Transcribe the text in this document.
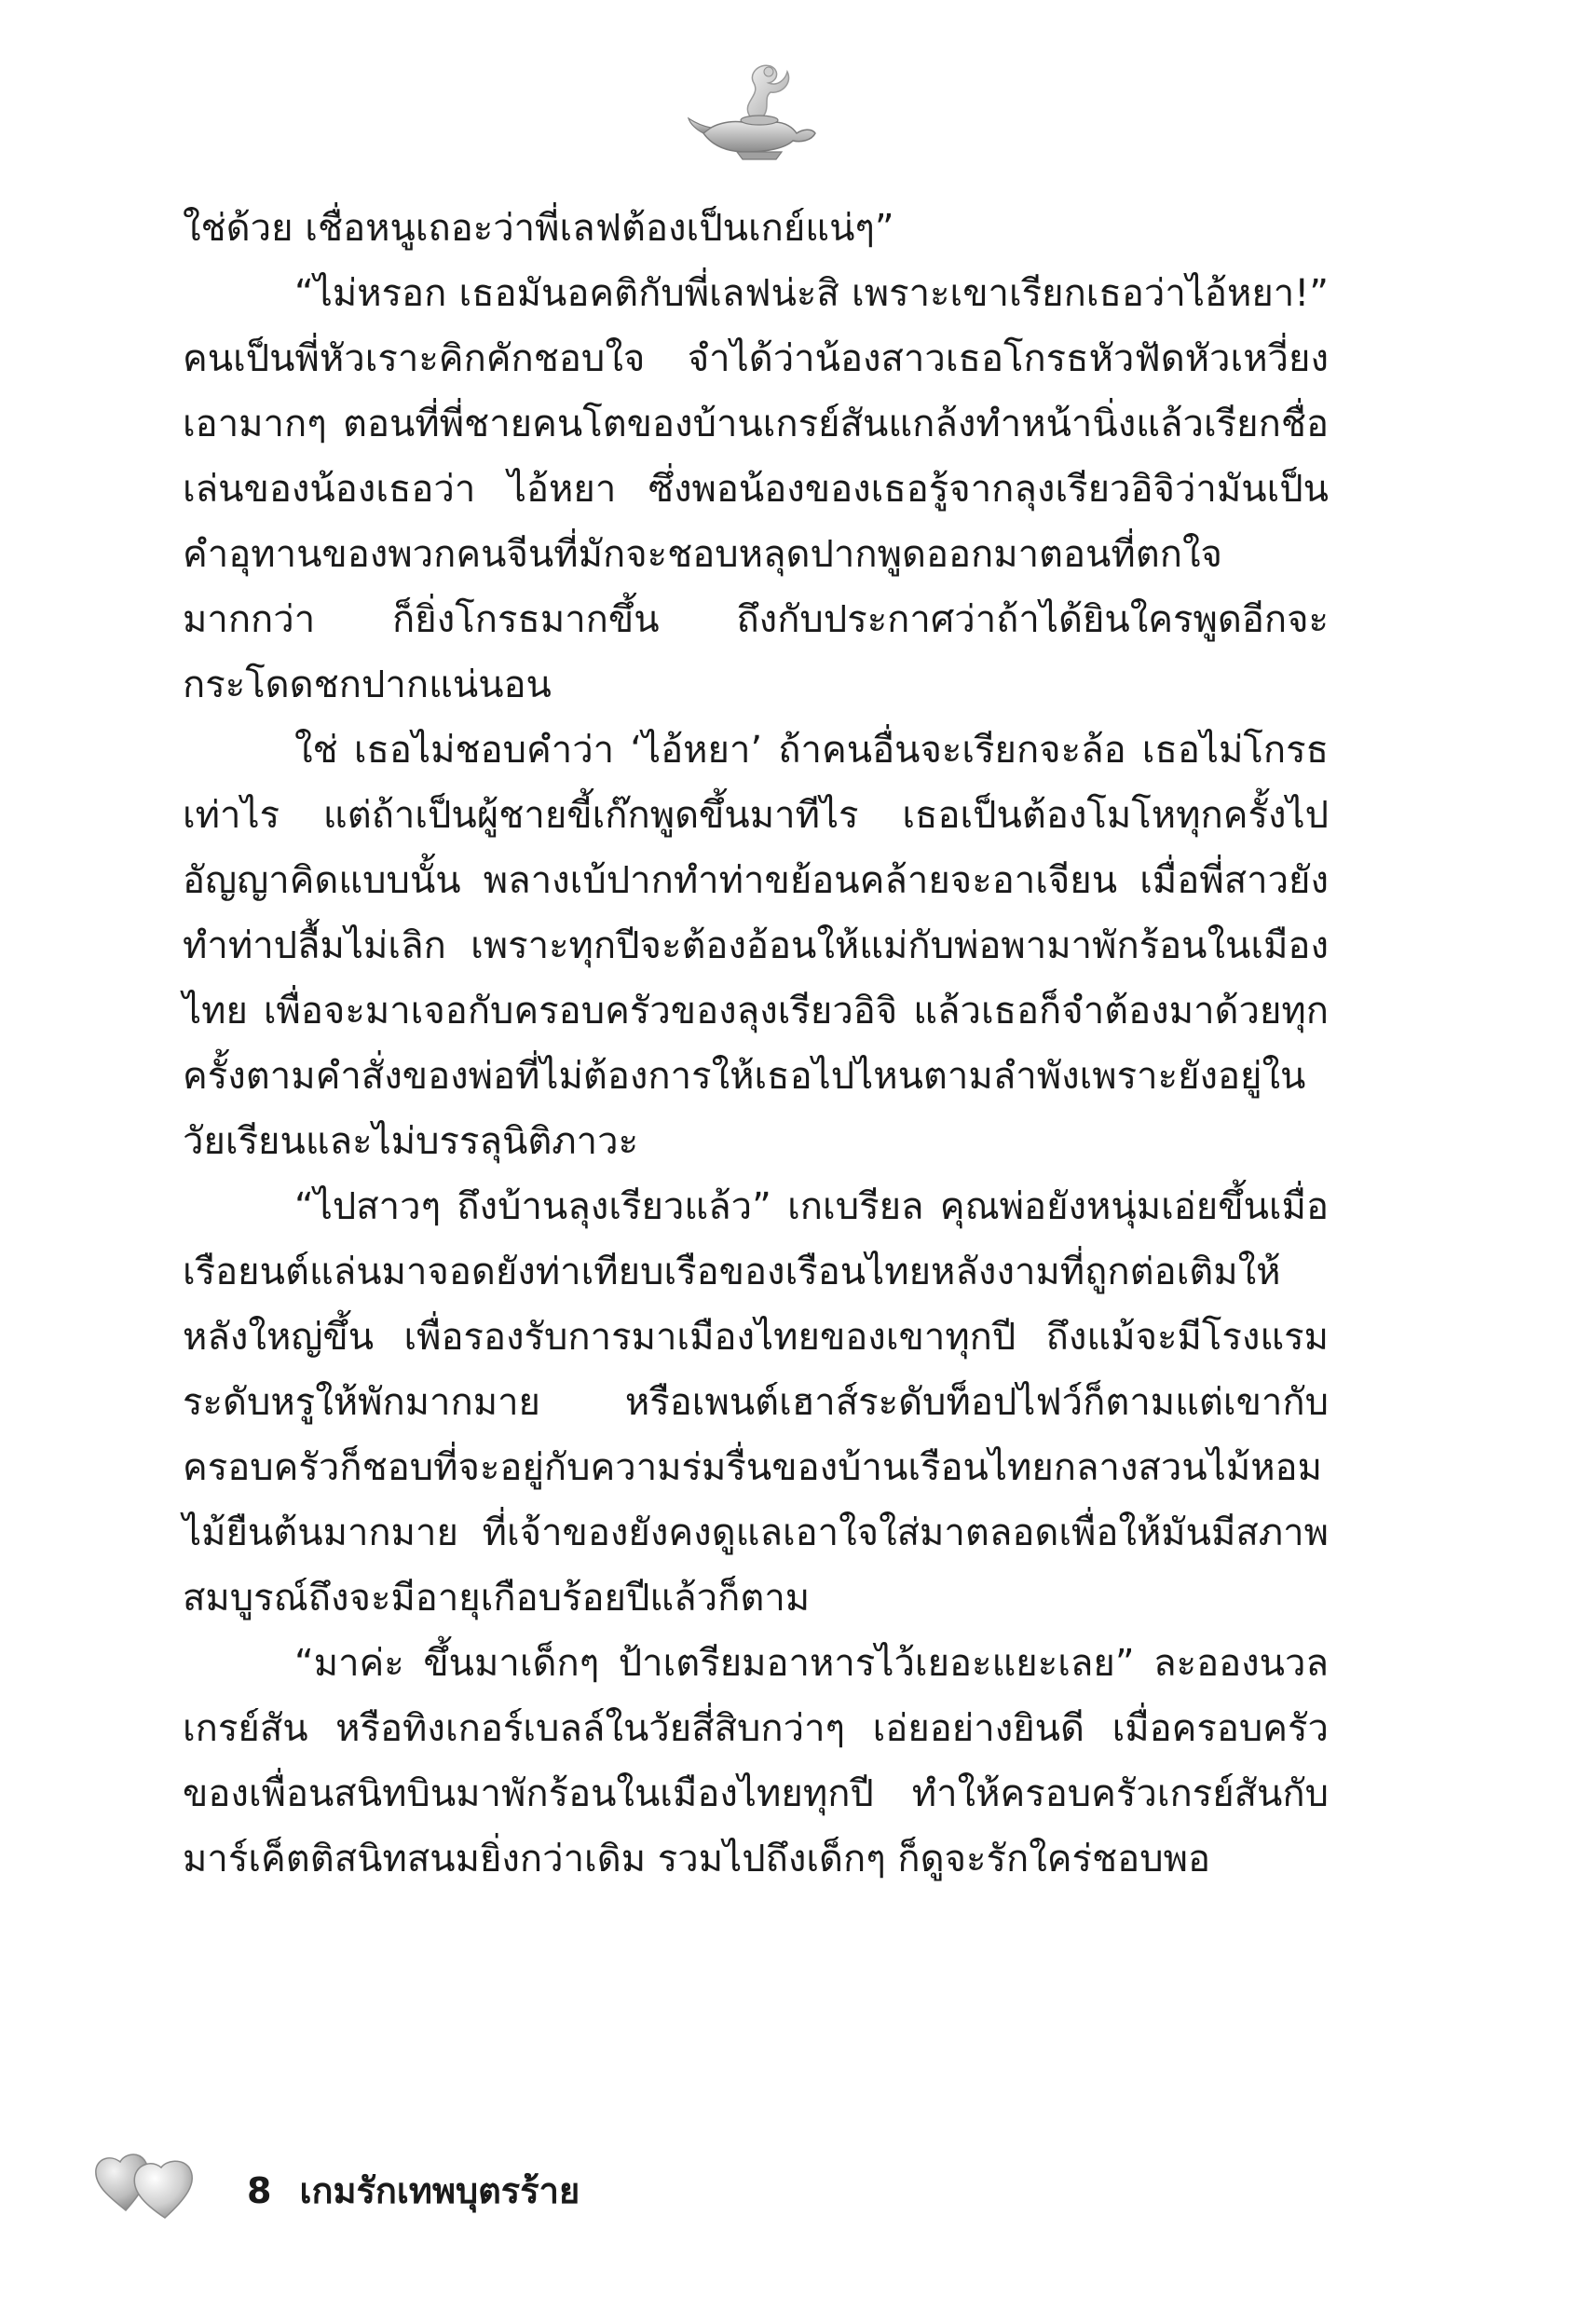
ใช่ด้วย เชื่อหนูเถอะว่าพี่เลฟต้องเป็นเกย์แน่ๆ”

“ไม่หรอก เธอมันอคติกับพี่เลฟน่ะสิ เพราะเขาเรียกเธอว่าไอ้หยา!” คนเป็นพี่หัวเราะคิกคักชอบใจ จำได้ว่าน้องสาวเธอโกรธหัวฟัดหัวเหวี่ยงเอามากๆ ตอนที่พี่ชายคนโตของบ้านเกรย์สันแกล้งทำหน้านิ่งแล้วเรียกชื่อเล่นของน้องเธอว่า ไอ้หยา ซึ่งพอน้องของเธอรู้จากลุงเรียวอิจิว่ามันเป็นคำอุทานของพวกคนจีนที่มักจะชอบหลุดปากพูดออกมาตอนที่ตกใจมากกว่า ก็ยิ่งโกรธมากขึ้น ถึงกับประกาศว่าถ้าได้ยินใครพูดอีกจะกระโดดชกปากแน่นอน

ใช่ เธอไม่ชอบคำว่า ‘ไอ้หยา’ ถ้าคนอื่นจะเรียกจะล้อ เธอไม่โกรธเท่าไร แต่ถ้าเป็นผู้ชายขี้เก๊กพูดขึ้นมาทีไร เธอเป็นต้องโมโหทุกครั้งไป อัญญาคิดแบบนั้น พลางเบ้ปากทำท่าขย้อนคล้ายจะอาเจียน เมื่อพี่สาวยังทำท่าปลื้มไม่เลิก เพราะทุกปีจะต้องอ้อนให้แม่กับพ่อพามาพักร้อนในเมืองไทย เพื่อจะมาเจอกับครอบครัวของลุงเรียวอิจิ แล้วเธอก็จำต้องมาด้วยทุกครั้งตามคำสั่งของพ่อที่ไม่ต้องการให้เธอไปไหนตามลำพังเพราะยังอยู่ในวัยเรียนและไม่บรรลุนิติภาวะ

“ไปสาวๆ ถึงบ้านลุงเรียวแล้ว” เกเบรียล คุณพ่อยังหนุ่มเอ่ยขึ้นเมื่อเรือยนต์แล่นมาจอดยังท่าเทียบเรือของเรือนไทยหลังงามที่ถูกต่อเติมให้หลังใหญ่ขึ้น เพื่อรองรับการมาเมืองไทยของเขาทุกปี ถึงแม้จะมีโรงแรมระดับหรูให้พักมากมาย หรือเพนต์เฮาส์ระดับท็อปไฟว์ก็ตามแต่เขากับครอบครัวก็ชอบที่จะอยู่กับความร่มรื่นของบ้านเรือนไทยกลางสวนไม้หอมไม้ยืนต้นมากมาย ที่เจ้าของยังคงดูแลเอาใจใส่มาตลอดเพื่อให้มันมีสภาพสมบูรณ์ถึงจะมีอายุเกือบร้อยปีแล้วก็ตาม

“มาค่ะ ขึ้นมาเด็กๆ ป้าเตรียมอาหารไว้เยอะแยะเลย” ละอองนวล เกรย์สัน หรือทิงเกอร์เบลล์ในวัยสี่สิบกว่าๆ เอ่ยอย่างยินดี เมื่อครอบครัวของเพื่อนสนิทบินมาพักร้อนในเมืองไทยทุกปี ทำให้ครอบครัวเกรย์สันกับมาร์เค็ตติสนิทสนมยิ่งกว่าเดิม รวมไปถึงเด็กๆ ก็ดูจะรักใคร่ชอบพอ

8 เกมรักเทพบุตรร้าย
